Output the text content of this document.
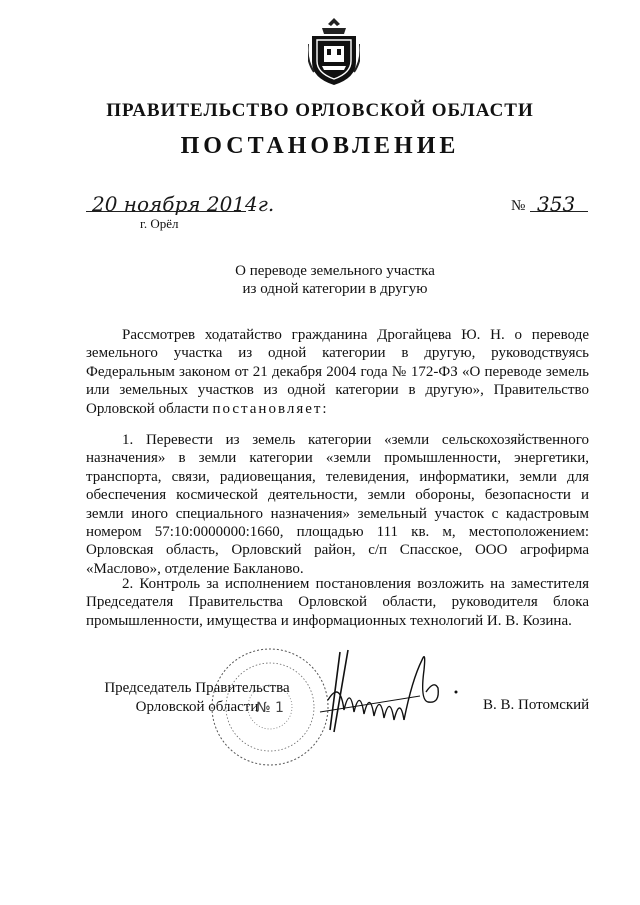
ПРАВИТЕЛЬСТВО ОРЛОВСКОЙ ОБЛАСТИ
ПОСТАНОВЛЕНИЕ
20 ноября 2014г.
г. Орёл
№ 353
О переводе земельного участка
из одной категории в другую
Рассмотрев ходатайство гражданина Дрогайцева Ю. Н. о переводе земельного участка из одной категории в другую, руководствуясь Федеральным законом от 21 декабря 2004 года № 172-ФЗ «О переводе земель или земельных участков из одной категории в другую», Правительство Орловской области постановляет:
1. Перевести из земель категории «земли сельскохозяйственного назначения» в земли категории «земли промышленности, энергетики, транспорта, связи, радиовещания, телевидения, информатики, земли для обеспечения космической деятельности, земли обороны, безопасности и земли иного специального назначения» земельный участок с кадастровым номером 57:10:0000000:1660, площадью 111 кв. м, местоположением: Орловская область, Орловский район, с/п Спасское, ООО агрофирма «Маслово», отделение Бакланово.
2. Контроль за исполнением постановления возложить на заместителя Председателя Правительства Орловской области, руководителя блока промышленности, имущества и информационных технологий И. В. Козина.
№ 1
Председатель Правительства
Орловской области	В. В. Потомский
